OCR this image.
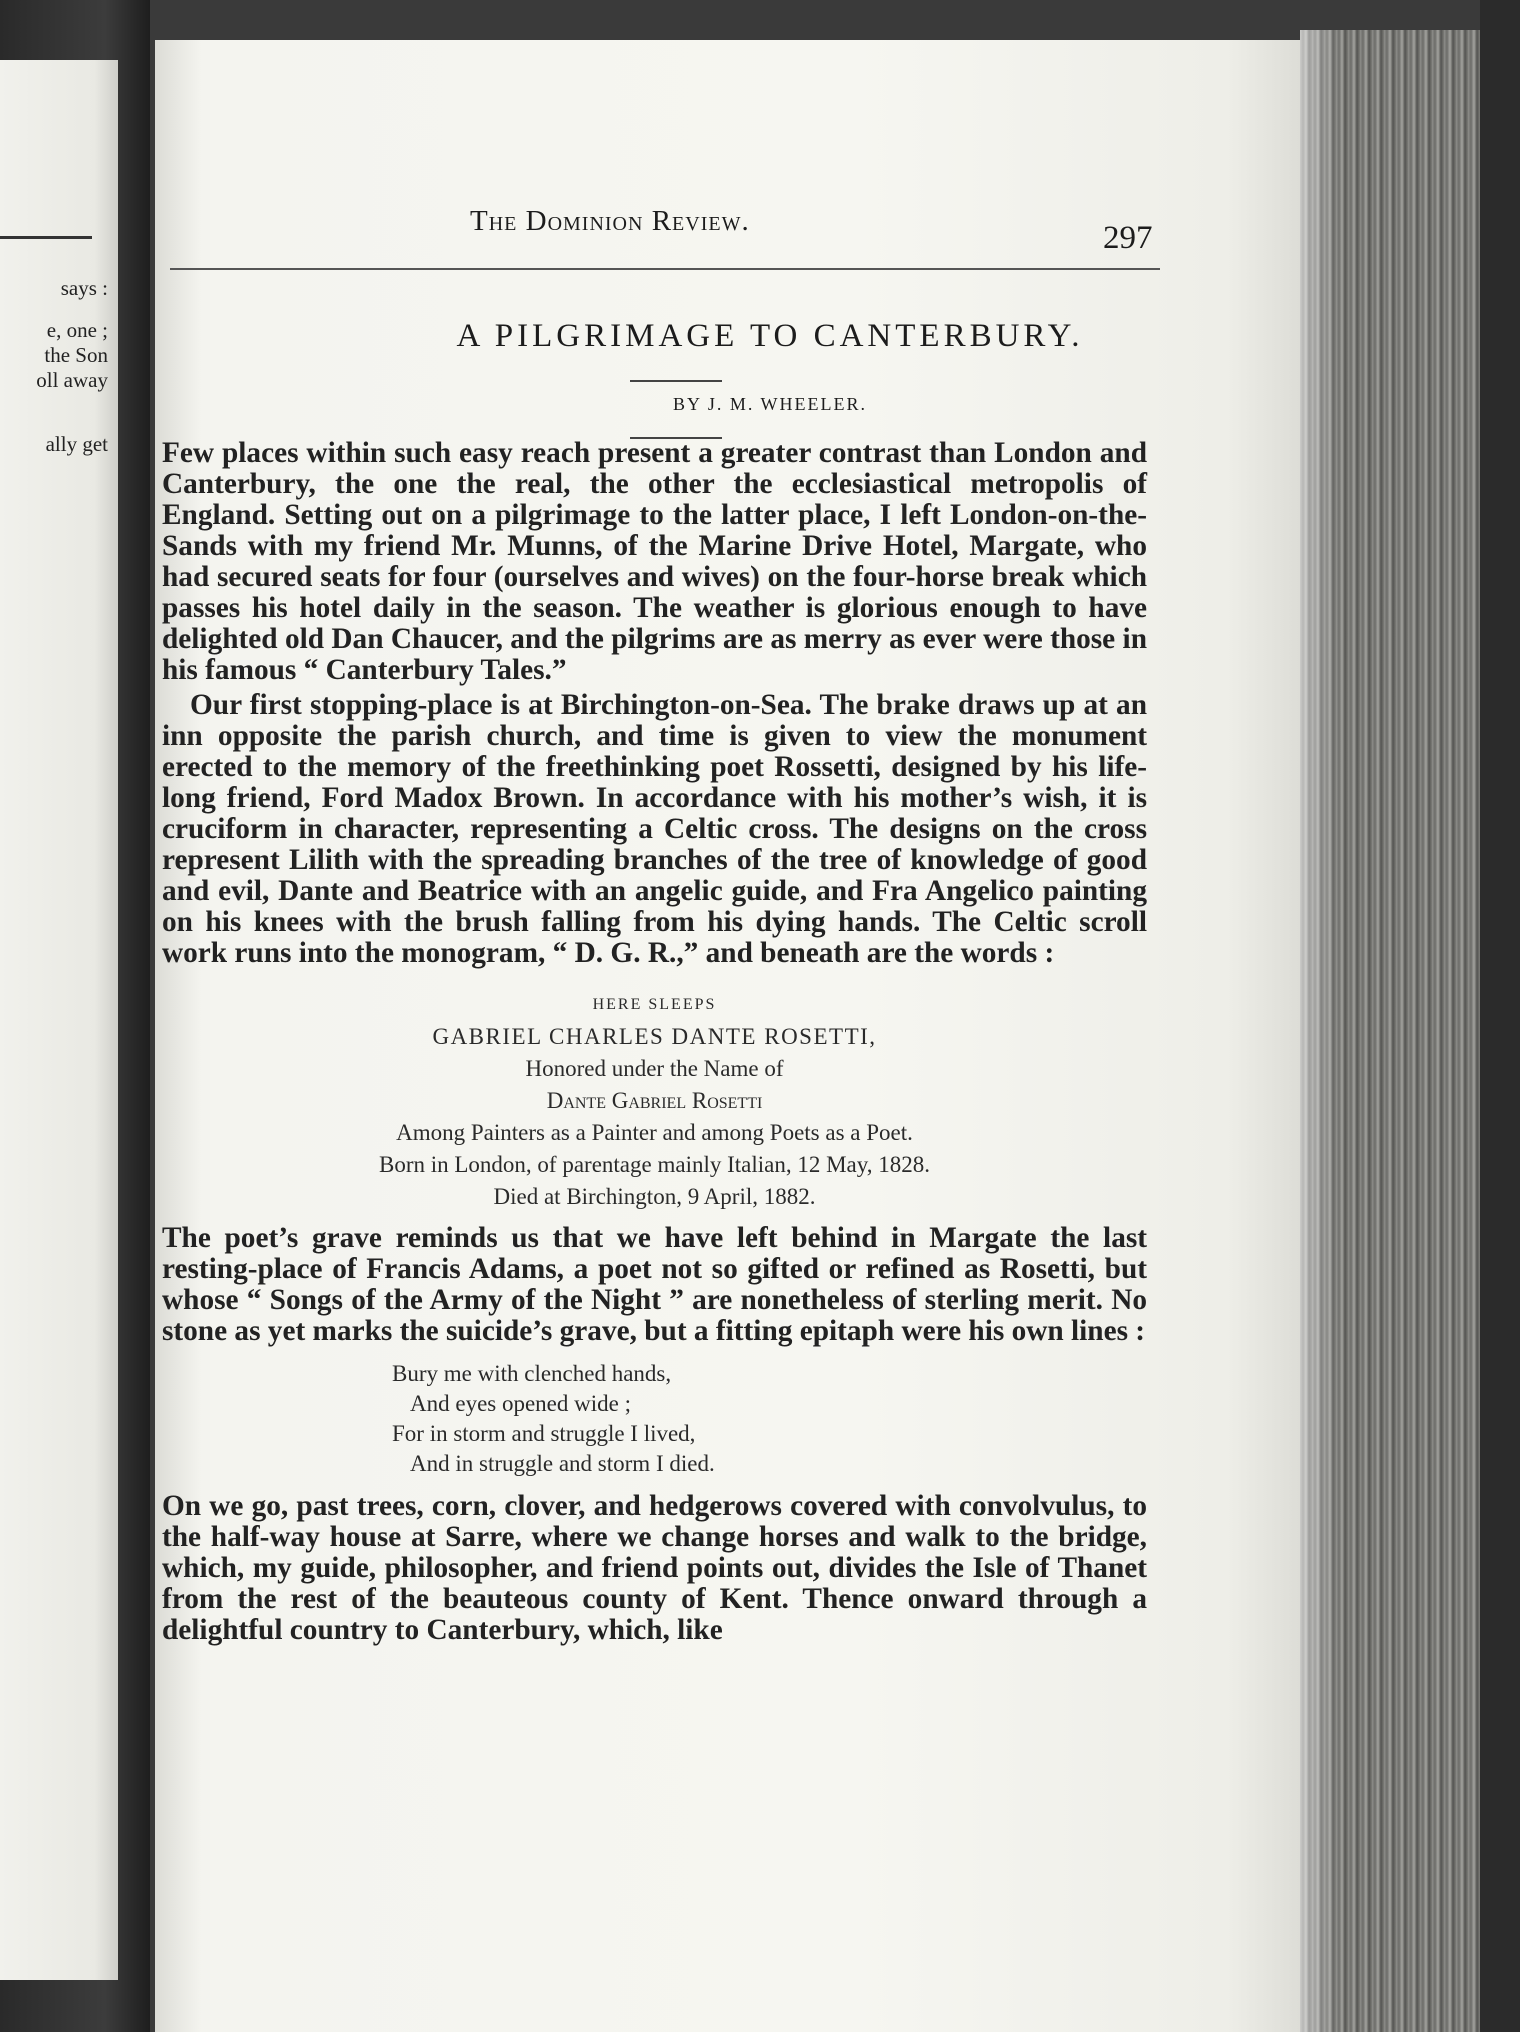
says :
e, one ;
the Son
oll away
ally get
The Dominion Review.	297
A PILGRIMAGE TO CANTERBURY.
BY J. M. WHEELER.

Few places within such easy reach present a greater contrast than London and Canterbury, the one the real, the other the ecclesiastical metropolis of England. Setting out on a pilgrimage to the latter place, I left London-on-the-Sands with my friend Mr. Munns, of the Marine Drive Hotel, Margate, who had secured seats for four (ourselves and wives) on the four-horse break which passes his hotel daily in the season. The weather is glorious enough to have delighted old Dan Chaucer, and the pilgrims are as merry as ever were those in his famous “ Canterbury Tales.”

Our first stopping-place is at Birchington-on-Sea. The brake draws up at an inn opposite the parish church, and time is given to view the monument erected to the memory of the freethinking poet Rossetti, designed by his life-long friend, Ford Madox Brown. In accordance with his mother’s wish, it is cruciform in character, representing a Celtic cross. The designs on the cross represent Lilith with the spreading branches of the tree of knowledge of good and evil, Dante and Beatrice with an angelic guide, and Fra Angelico painting on his knees with the brush falling from his dying hands. The Celtic scroll work runs into the monogram, “ D. G. R.,” and beneath are the words :

HERE SLEEPS
GABRIEL CHARLES DANTE ROSETTI,
Honored under the Name of
Dante Gabriel Rosetti
Among Painters as a Painter and among Poets as a Poet.
Born in London, of parentage mainly Italian, 12 May, 1828.
Died at Birchington, 9 April, 1882.

The poet’s grave reminds us that we have left behind in Margate the last resting-place of Francis Adams, a poet not so gifted or refined as Rosetti, but whose “ Songs of the Army of the Night ” are nonetheless of sterling merit. No stone as yet marks the suicide’s grave, but a fitting epitaph were his own lines :

Bury me with clenched hands,
And eyes opened wide ;
For in storm and struggle I lived,
And in struggle and storm I died.

On we go, past trees, corn, clover, and hedgerows covered with convolvulus, to the half-way house at Sarre, where we change horses and walk to the bridge, which, my guide, philosopher, and friend points out, divides the Isle of Thanet from the rest of the beauteous county of Kent. Thence onward through a delightful country to Canterbury, which, like
